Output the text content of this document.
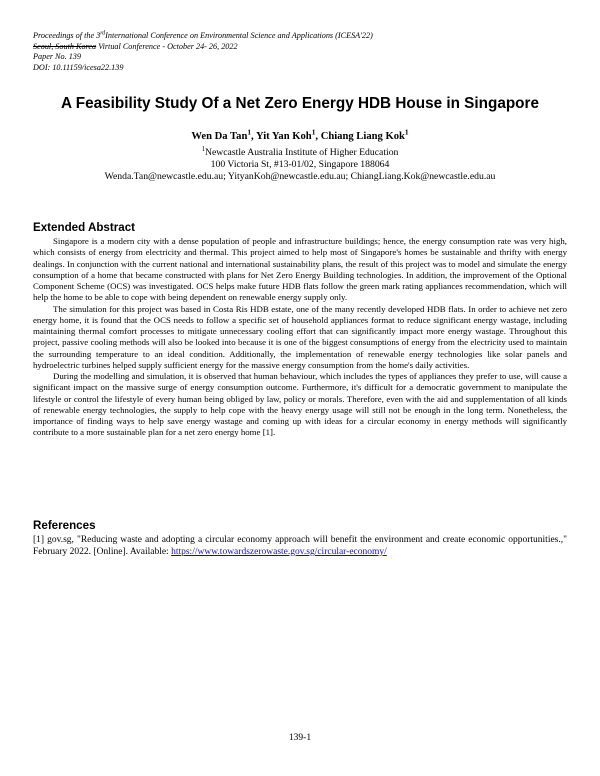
Proceedings of the 3rdInternational Conference on Environmental Science and Applications (ICESA'22)
Seoul, South Korea Virtual Conference - October 24- 26, 2022
Paper No. 139
DOI: 10.11159/icesa22.139
A Feasibility Study Of a Net Zero Energy HDB House in Singapore
Wen Da Tan$^1$, Yit Yan Koh$^1$, Chiang Liang Kok$^1$
$^1$Newcastle Australia Institute of Higher Education
100 Victoria St, #13-01/02, Singapore 188064
Wenda.Tan@newcastle.edu.au; YityanKoh@newcastle.edu.au; ChiangLiang.Kok@newcastle.edu.au
Extended Abstract

Singapore is a modern city with a dense population of people and infrastructure buildings; hence, the energy consumption rate was very high, which consists of energy from electricity and thermal. This project aimed to help most of Singapore's homes be sustainable and thrifty with energy dealings. In conjunction with the current national and international sustainability plans, the result of this project was to model and simulate the energy consumption of a home that became constructed with plans for Net Zero Energy Building technologies. In addition, the improvement of the Optional Component Scheme (OCS) was investigated. OCS helps make future HDB flats follow the green mark rating appliances recommendation, which will help the home to be able to cope with being dependent on renewable energy supply only.

The simulation for this project was based in Costa Ris HDB estate, one of the many recently developed HDB flats. In order to achieve net zero energy home, it is found that the OCS needs to follow a specific set of household appliances format to reduce significant energy wastage, including maintaining thermal comfort processes to mitigate unnecessary cooling effort that can significantly impact more energy wastage. Throughout this project, passive cooling methods will also be looked into because it is one of the biggest consumptions of energy from the electricity used to maintain the surrounding temperature to an ideal condition. Additionally, the implementation of renewable energy technologies like solar panels and hydroelectric turbines helped supply sufficient energy for the massive energy consumption from the home's daily activities.

During the modelling and simulation, it is observed that human behaviour, which includes the types of appliances they prefer to use, will cause a significant impact on the massive surge of energy consumption outcome. Furthermore, it's difficult for a democratic government to manipulate the lifestyle or control the lifestyle of every human being obliged by law, policy or morals. Therefore, even with the aid and supplementation of all kinds of renewable energy technologies, the supply to help cope with the heavy energy usage will still not be enough in the long term. Nonetheless, the importance of finding ways to help save energy wastage and coming up with ideas for a circular economy in energy methods will significantly contribute to a more sustainable plan for a net zero energy home [1].

References
[1] gov.sg, "Reducing waste and adopting a circular economy approach will benefit the environment and create economic opportunities.," February 2022. [Online]. Available: https://www.towardszerowaste.gov.sg/circular-economy/
139-1
